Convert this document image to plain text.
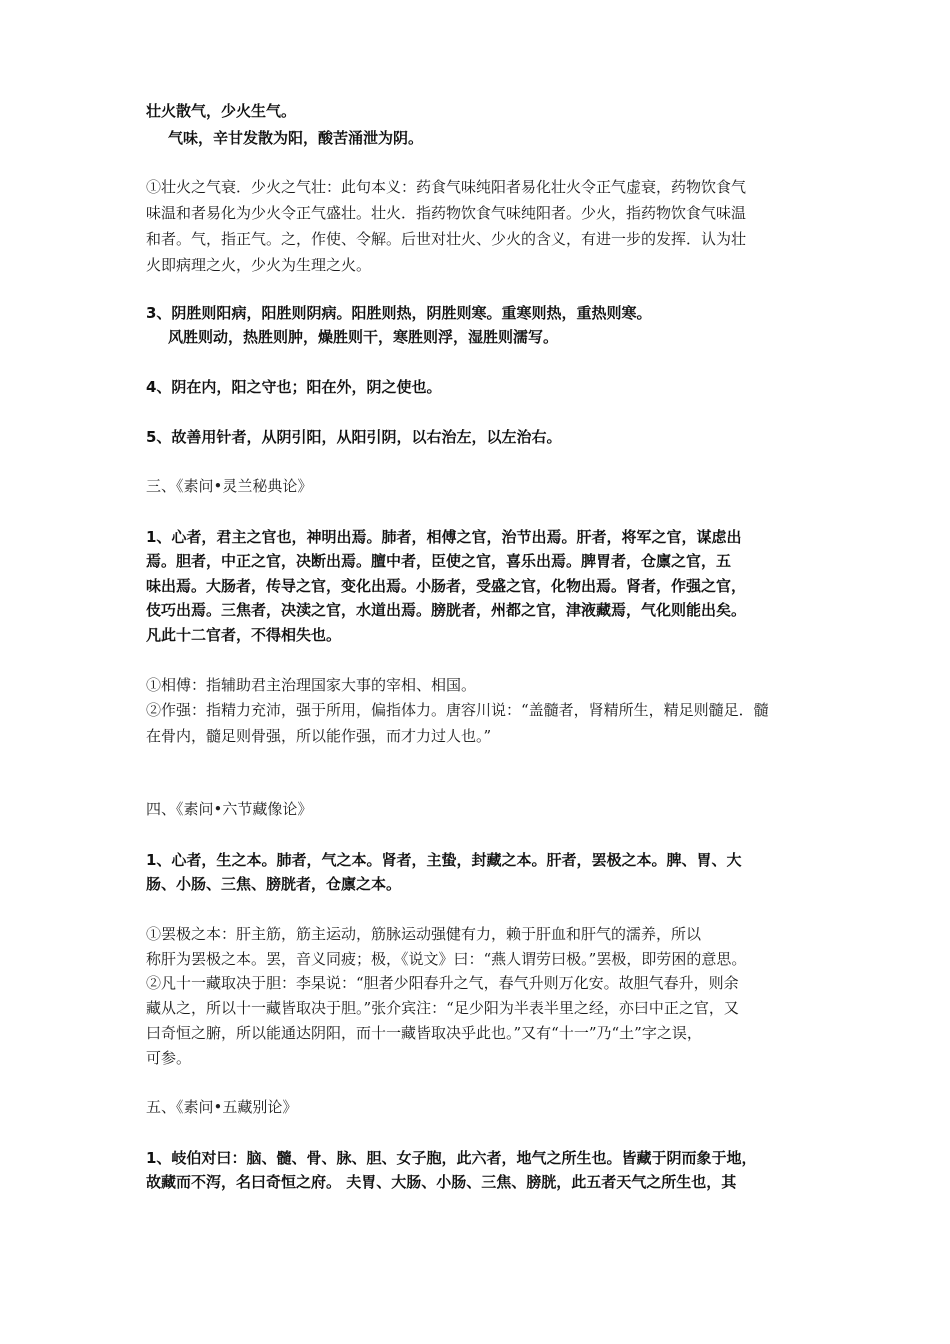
壮火散气，少火生气。
气味，辛甘发散为阳，酸苦涌泄为阴。
①壮火之气衰．少火之气壮：此句本义：药食气味纯阳者易化壮火令正气虚衰，药物饮食气
味温和者易化为少火令正气盛壮。壮火．指药物饮食气味纯阳者。少火，指药物饮食气味温
和者。气，指正气。之，作使、令解。后世对壮火、少火的含义，有进一步的发挥．认为壮
火即病理之火，少火为生理之火。
3、阴胜则阳病，阳胜则阴病。阳胜则热，阴胜则寒。重寒则热，重热则寒。
风胜则动，热胜则肿，燥胜则干，寒胜则浮，湿胜则濡写。
4、阴在内，阳之守也；阳在外，阴之使也。
5、故善用针者，从阴引阳，从阳引阴，以右治左，以左治右。
三、《素问•灵兰秘典论》
1、心者，君主之官也，神明出焉。肺者，相傅之官，治节出焉。肝者，将军之官，谋虑出
焉。胆者，中正之官，决断出焉。膻中者，臣使之官，喜乐出焉。脾胃者，仓廪之官，五
味出焉。大肠者，传导之官，变化出焉。小肠者，受盛之官，化物出焉。肾者，作强之官，
伎巧出焉。三焦者，决渎之官，水道出焉。膀胱者，州都之官，津液藏焉，气化则能出矣。
凡此十二官者，不得相失也。
①相傅：指辅助君主治理国家大事的宰相、相国。
②作强：指精力充沛，强于所用，偏指体力。唐容川说：“盖髓者，肾精所生，精足则髓足．髓
在骨内，髓足则骨强，所以能作强，而才力过人也。”
四、《素问•六节藏像论》
1、心者，生之本。肺者，气之本。肾者，主蛰，封藏之本。肝者，罢极之本。脾、胃、大
肠、小肠、三焦、膀胱者，仓廪之本。
①罢极之本：肝主筋，筋主运动，筋脉运动强健有力，赖于肝血和肝气的濡养，所以
称肝为罢极之本。罢，音义同疲；极，《说文》曰：“燕人谓劳曰极。”罢极，即劳困的意思。
②凡十一藏取决于胆：李杲说：“胆者少阳春升之气，春气升则万化安。故胆气春升，则余
藏从之，所以十一藏皆取决于胆。”张介宾注：“足少阳为半表半里之经，亦曰中正之官，又
曰奇恒之腑，所以能通达阴阳，而十一藏皆取决乎此也。”又有“十一”乃“土”字之误，
可参。
五、《素问•五藏别论》
1、岐伯对曰：脑、髓、骨、脉、胆、女子胞，此六者，地气之所生也。皆藏于阴而象于地，
故藏而不泻，名曰奇恒之府。 夫胃、大肠、小肠、三焦、膀胱，此五者天气之所生也，其
